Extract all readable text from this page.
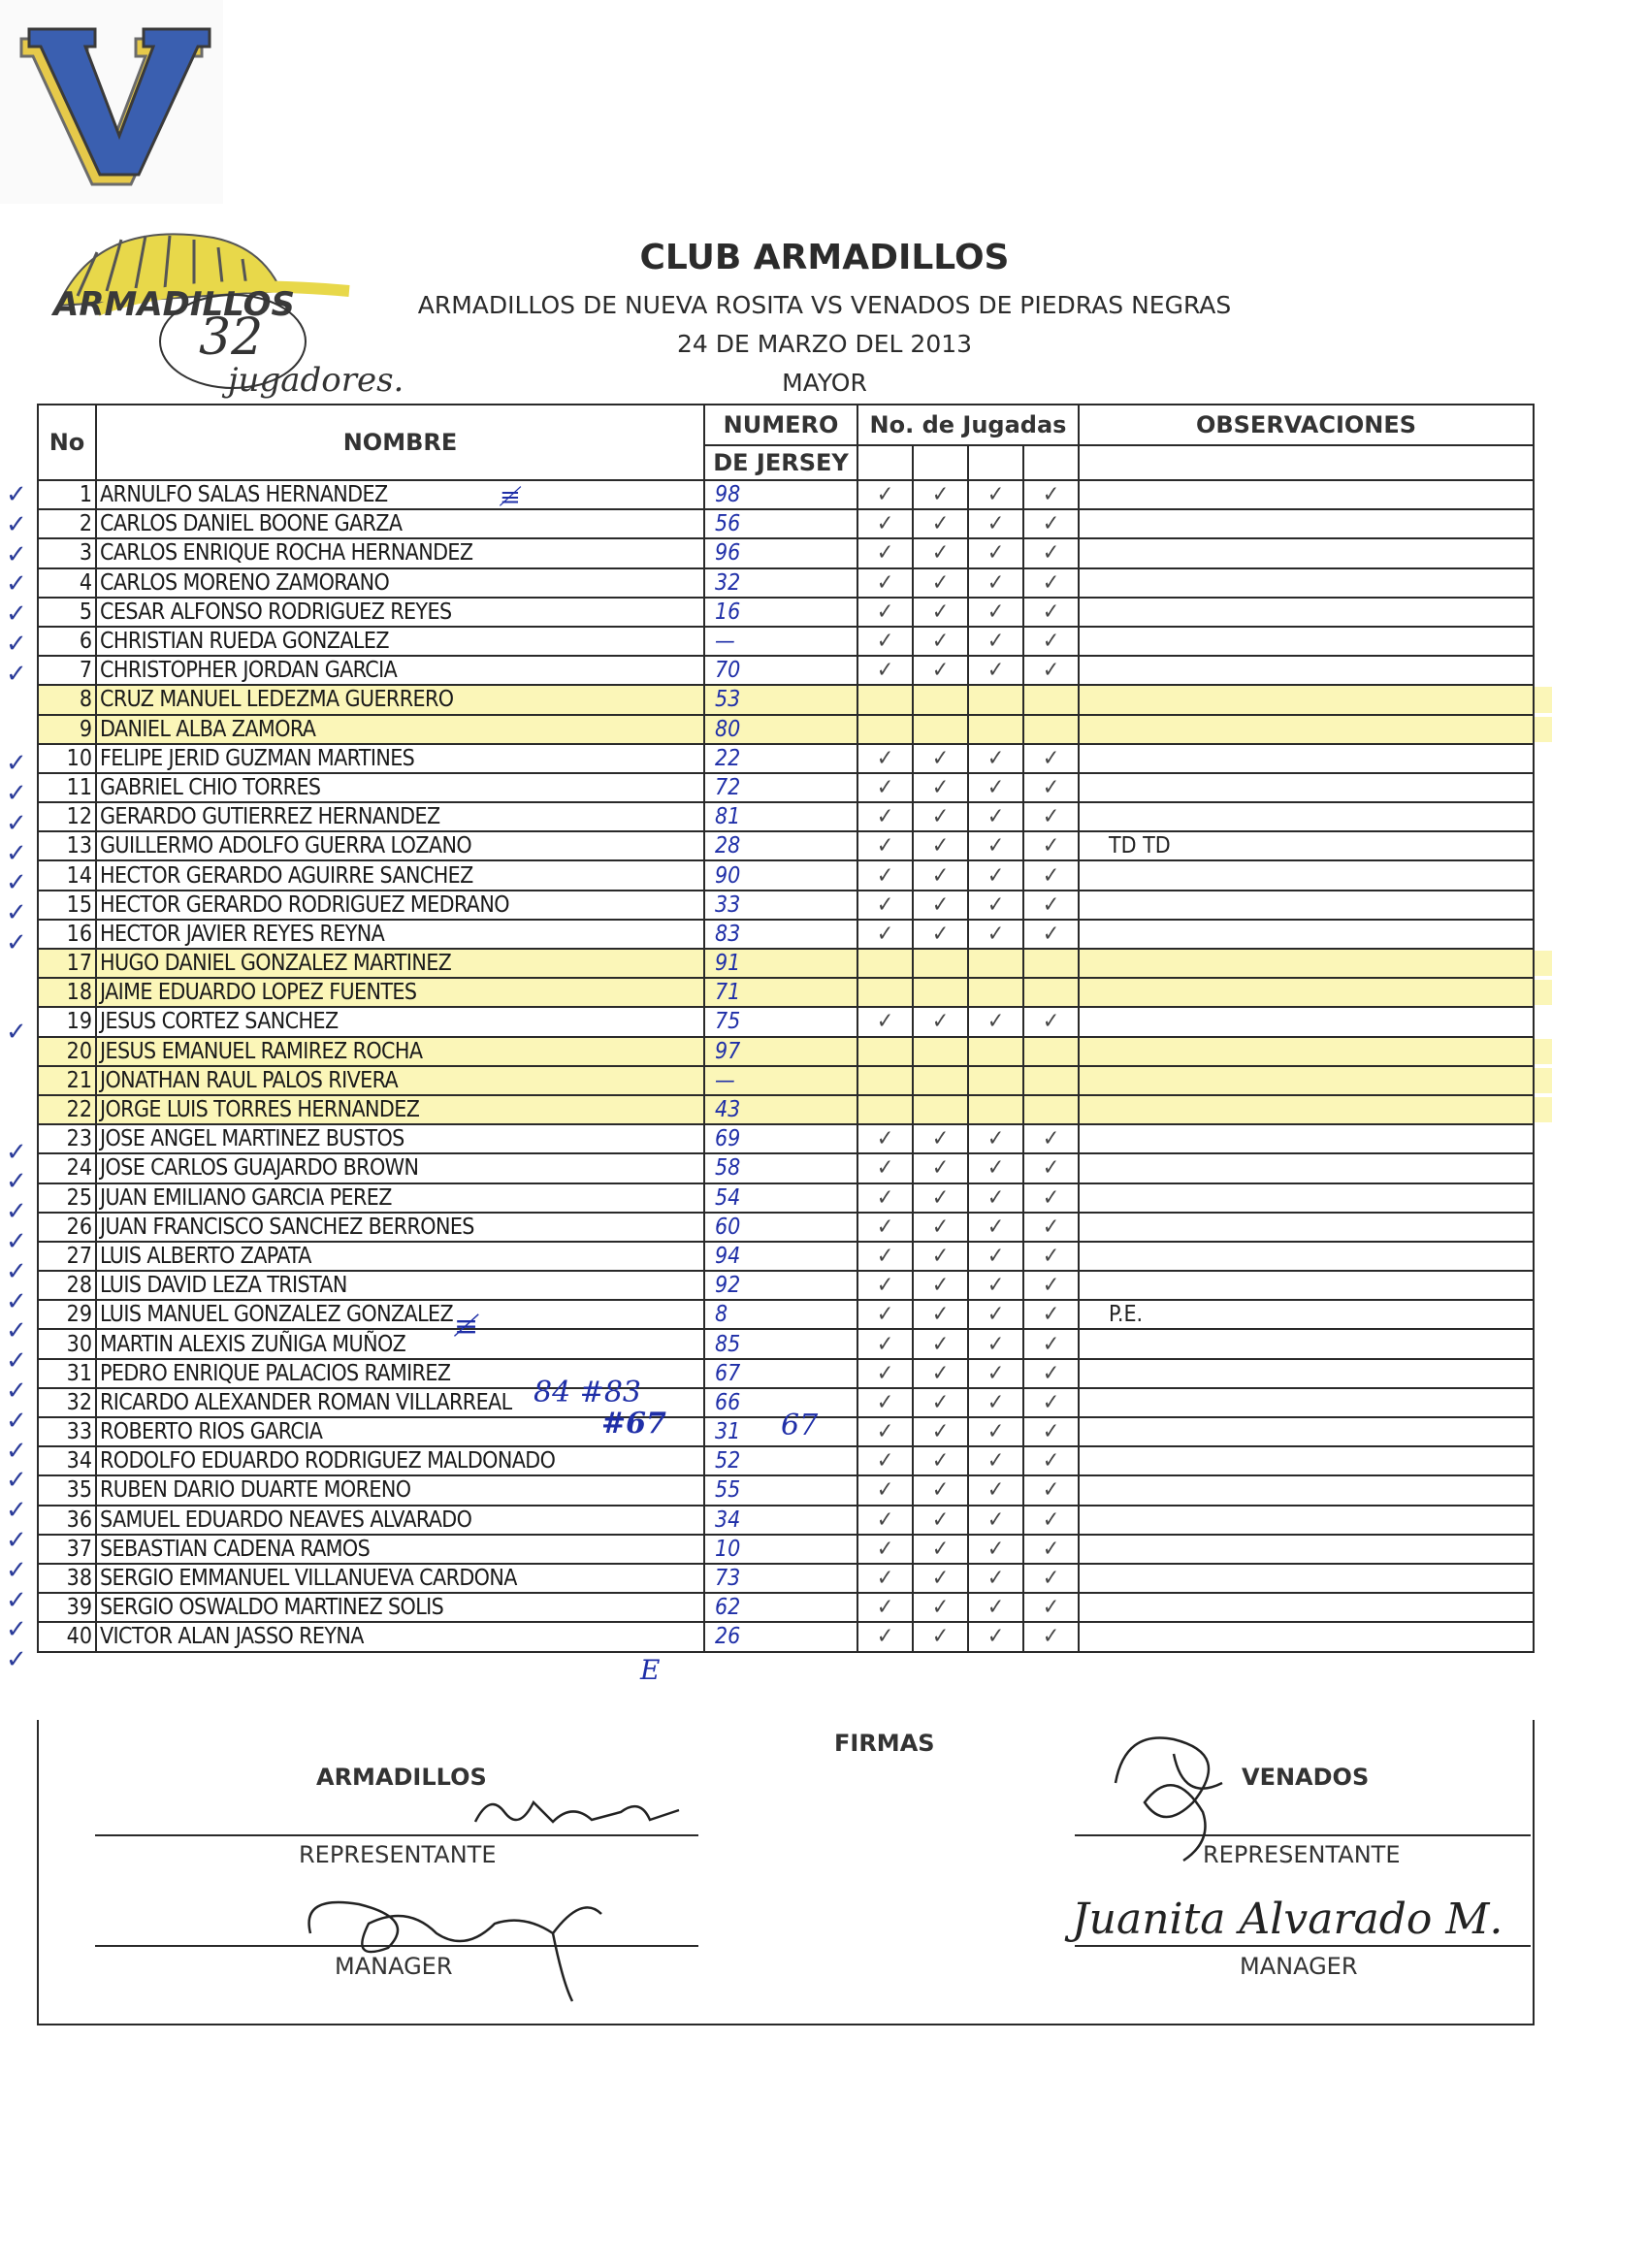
ARMADILLOS
32
jugadores.
CLUB ARMADILLOS
ARMADILLOS DE NUEVA ROSITA VS VENADOS DE PIEDRAS NEGRAS
24 DE MARZO DEL 2013
MAYOR
No	NOMBRE	NUMERO	No. de Jugadas				OBSERVACIONES
		DE JERSEY					
1	ARNULFO SALAS HERNANDEZ	98	✓	✓	✓	✓	
2	CARLOS DANIEL BOONE GARZA	56	✓	✓	✓	✓	
3	CARLOS ENRIQUE ROCHA HERNANDEZ	96	✓	✓	✓	✓	
4	CARLOS MORENO ZAMORANO	32	✓	✓	✓	✓	
5	CESAR ALFONSO RODRIGUEZ REYES	16	✓	✓	✓	✓	
6	CHRISTIAN RUEDA GONZALEZ	—	✓	✓	✓	✓	
7	CHRISTOPHER JORDAN GARCIA	70	✓	✓	✓	✓	
8	CRUZ MANUEL LEDEZMA GUERRERO	53					
9	DANIEL ALBA ZAMORA	80					
10	FELIPE JERID GUZMAN MARTINES	22	✓	✓	✓	✓	
11	GABRIEL CHIO TORRES	72	✓	✓	✓	✓	
12	GERARDO GUTIERREZ HERNANDEZ	81	✓	✓	✓	✓	
13	GUILLERMO ADOLFO GUERRA LOZANO	28	✓	✓	✓	✓	TD TD
14	HECTOR GERARDO AGUIRRE SANCHEZ	90	✓	✓	✓	✓	
15	HECTOR GERARDO RODRIGUEZ MEDRANO	33	✓	✓	✓	✓	
16	HECTOR JAVIER REYES REYNA	83	✓	✓	✓	✓	
17	HUGO DANIEL GONZALEZ MARTINEZ	91					
18	JAIME EDUARDO LOPEZ FUENTES	71					
19	JESUS CORTEZ SANCHEZ	75	✓	✓	✓	✓	
20	JESUS EMANUEL RAMIREZ ROCHA	97					
21	JONATHAN RAUL PALOS RIVERA	—					
22	JORGE LUIS TORRES HERNANDEZ	43					
23	JOSE ANGEL MARTINEZ BUSTOS	69	✓	✓	✓	✓	
24	JOSE CARLOS GUAJARDO BROWN	58	✓	✓	✓	✓	
25	JUAN EMILIANO GARCIA PEREZ	54	✓	✓	✓	✓	
26	JUAN FRANCISCO SANCHEZ BERRONES	60	✓	✓	✓	✓	
27	LUIS ALBERTO ZAPATA	94	✓	✓	✓	✓	
28	LUIS DAVID LEZA TRISTAN	92	✓	✓	✓	✓	
29	LUIS MANUEL GONZALEZ GONZALEZ	8	✓	✓	✓	✓	P.E.
30	MARTIN ALEXIS ZUÑIGA MUÑOZ	85	✓	✓	✓	✓	
31	PEDRO ENRIQUE PALACIOS RAMIREZ	67	✓	✓	✓	✓	
32	RICARDO ALEXANDER ROMAN VILLARREAL	66	✓	✓	✓	✓	
33	ROBERTO RIOS GARCIA	31	✓	✓	✓	✓	
34	RODOLFO EDUARDO RODRIGUEZ MALDONADO	52	✓	✓	✓	✓	
35	RUBEN DARIO DUARTE MORENO	55	✓	✓	✓	✓	
36	SAMUEL EDUARDO NEAVES ALVARADO	34	✓	✓	✓	✓	
37	SEBASTIAN CADENA RAMOS	10	✓	✓	✓	✓	
38	SERGIO EMMANUEL VILLANUEVA CARDONA	73	✓	✓	✓	✓	
39	SERGIO OSWALDO MARTINEZ SOLIS	62	✓	✓	✓	✓	
40	VICTOR ALAN JASSO REYNA	26	✓	✓	✓	✓	
≢
≢
84 #83
#67	67
E
FIRMAS
ARMADILLOS	VENADOS
REPRESENTANTE	REPRESENTANTE
MANAGER	MANAGER
Juanita Alvarado M.
✓
✓
✓
✓
✓
✓
✓
✓
✓
✓
✓
✓
✓
✓
✓
✓
✓
✓
✓
✓
✓
✓
✓
✓
✓
✓
✓
✓
✓
✓
✓
✓
✓
